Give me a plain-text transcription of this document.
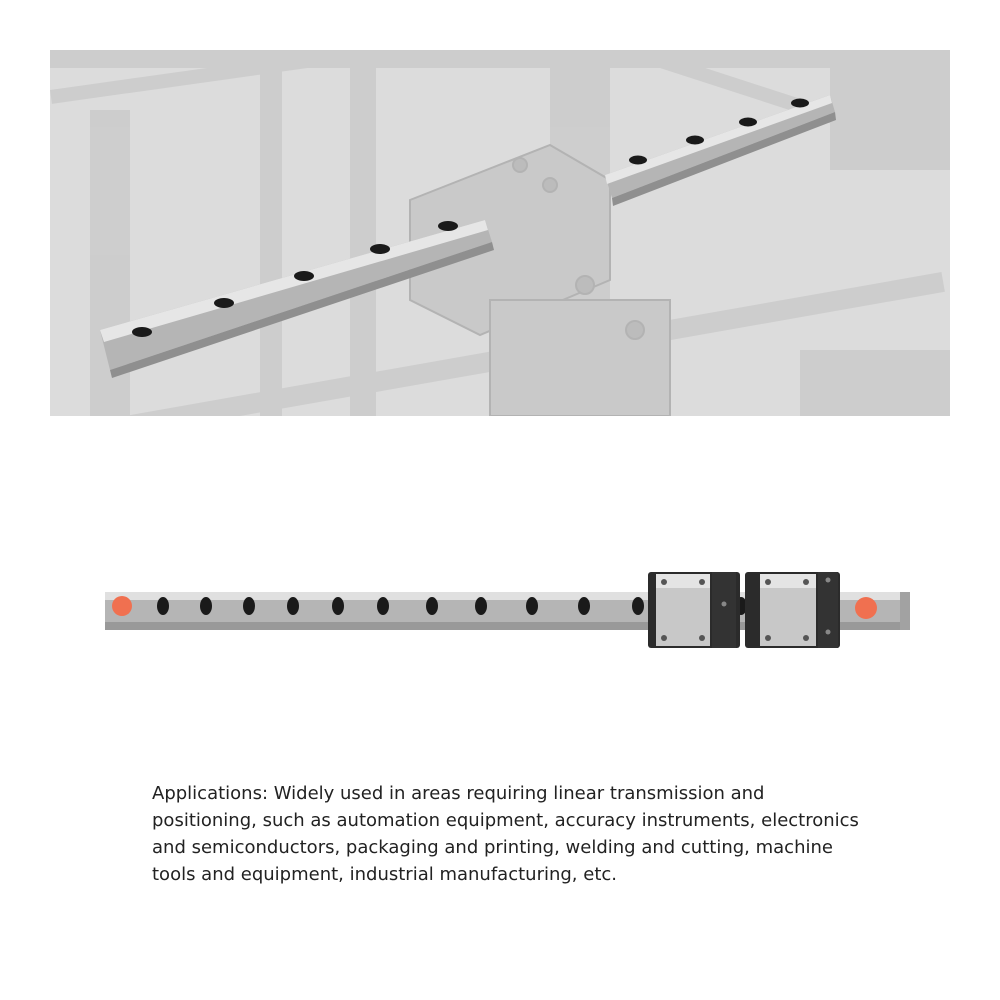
Applications: Widely used in areas requiring linear transmission and positioning, such as automation equipment, accuracy instruments, electronics and semiconductors, packaging and printing, welding and cutting, machine tools and equipment, industrial manufacturing, etc.
